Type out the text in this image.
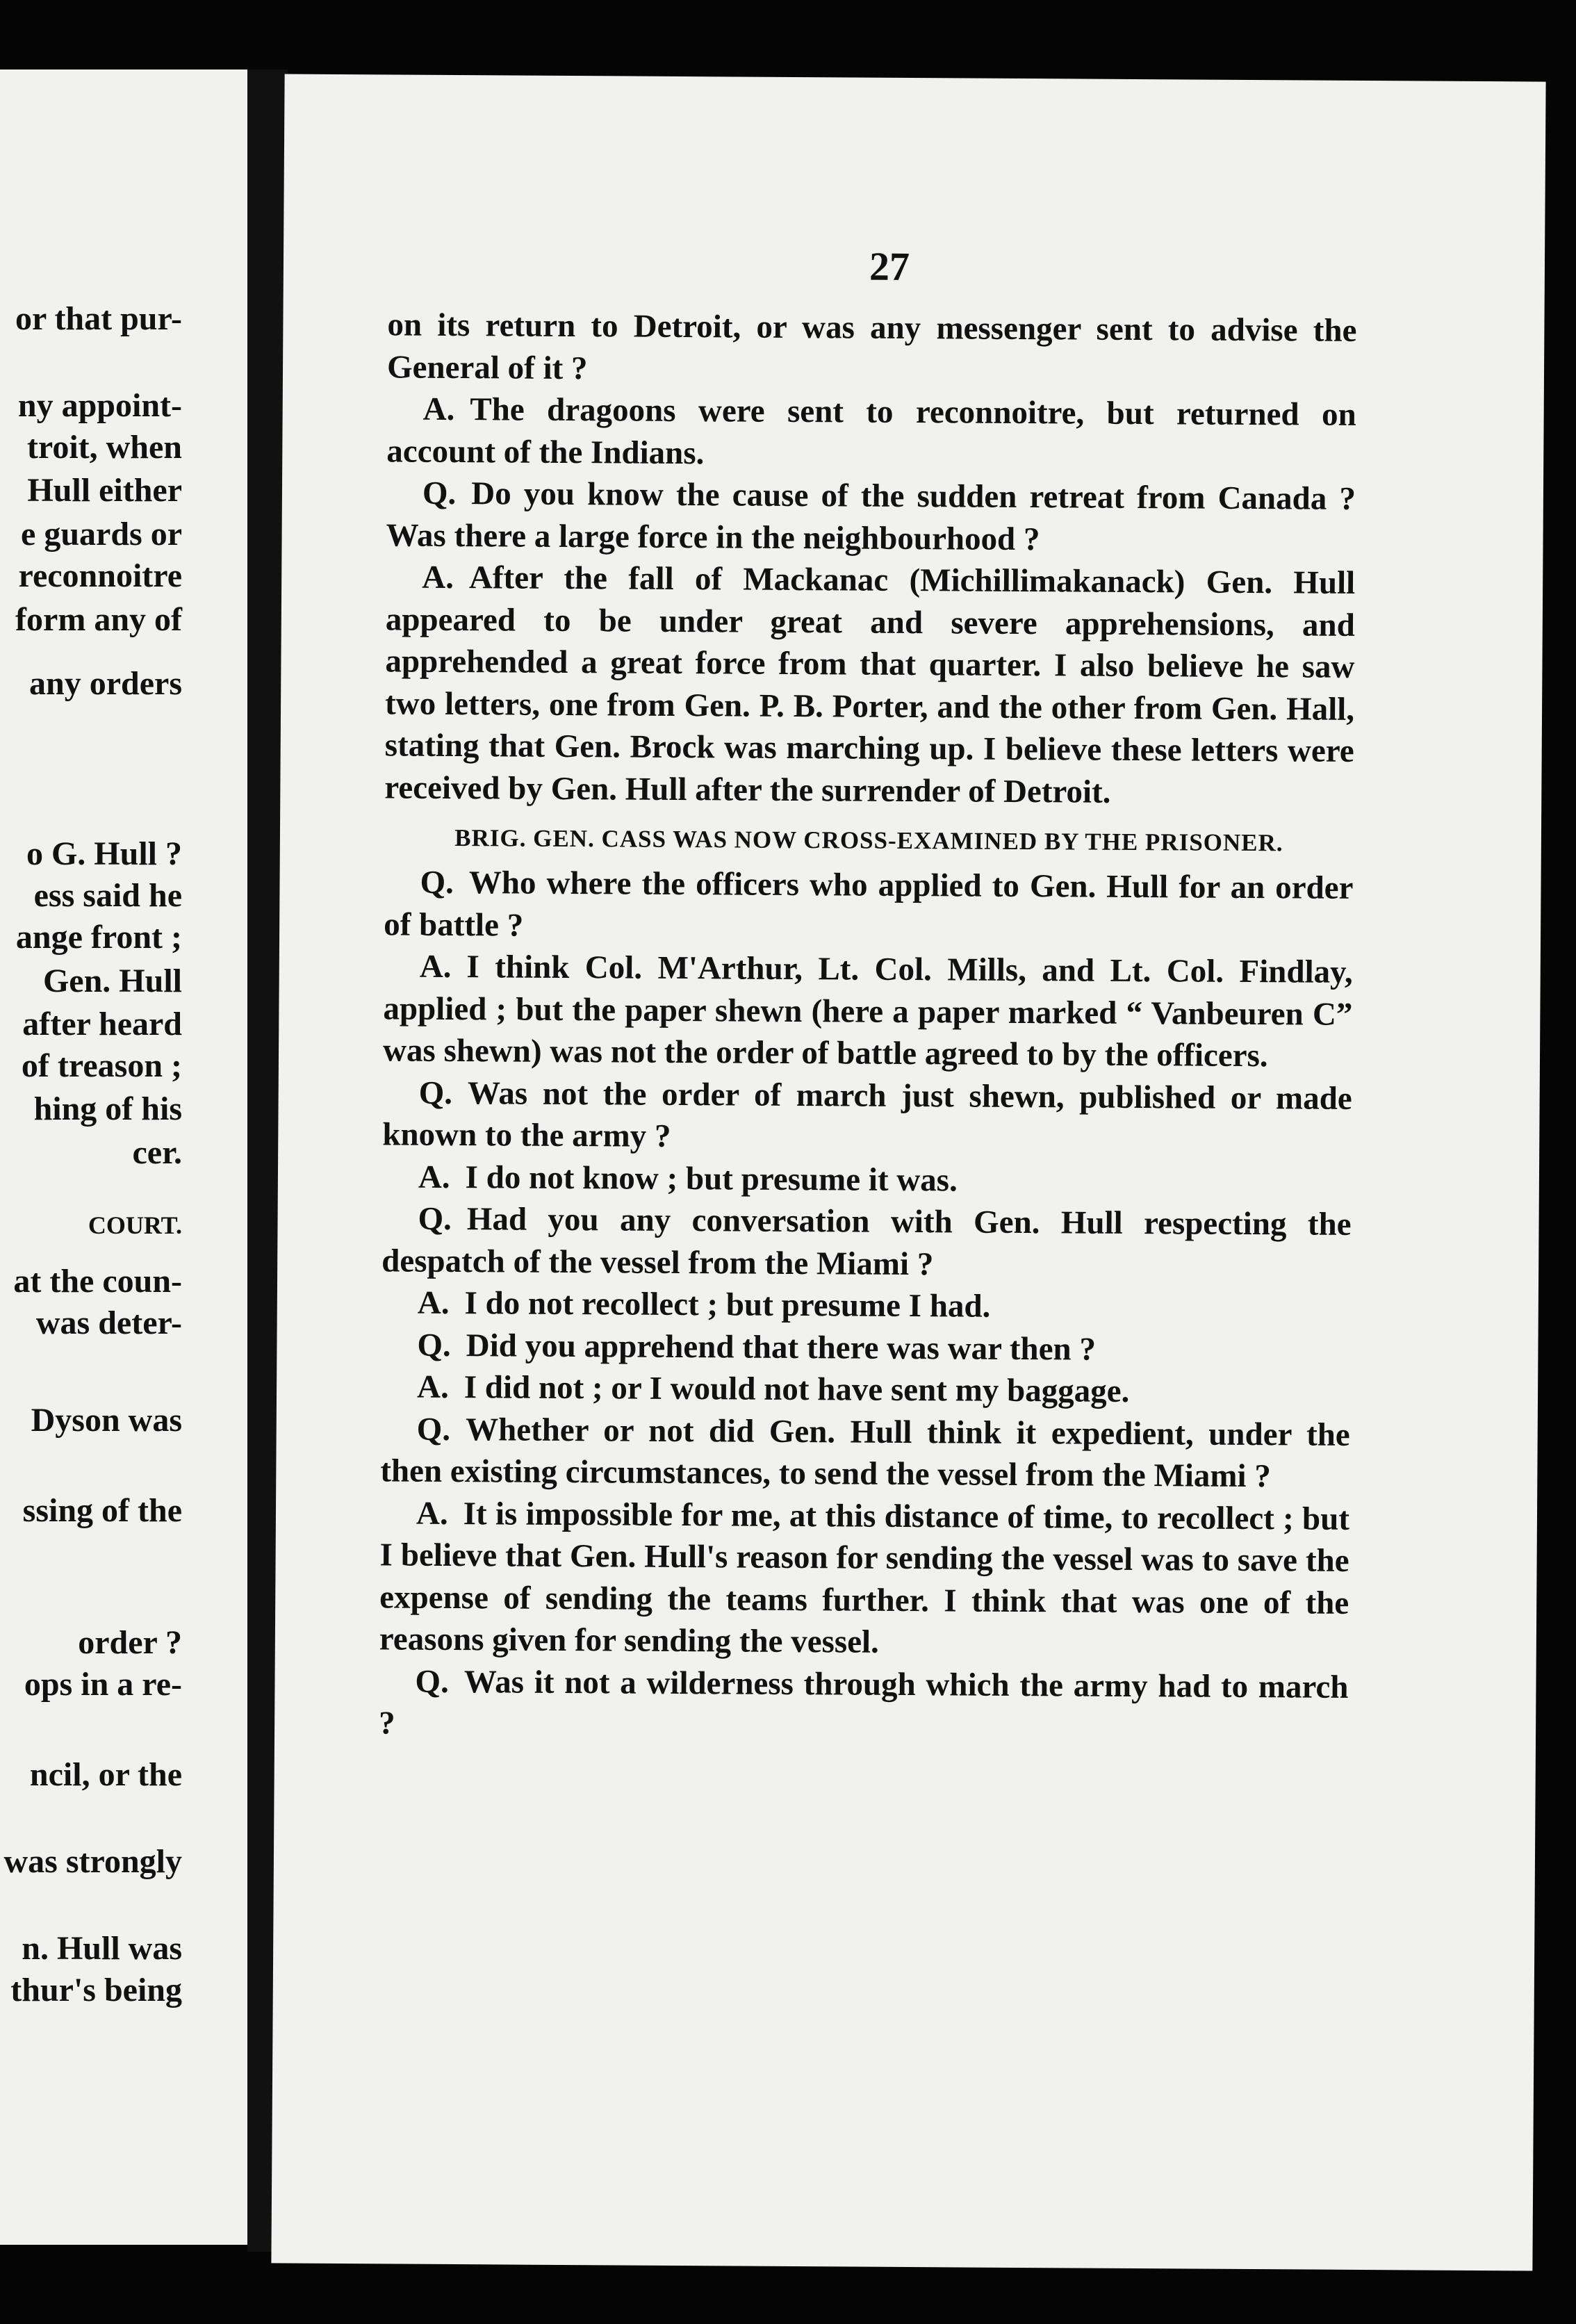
or that pur-
ny appoint-
troit, when
Hull either
e guards or
reconnoitre
form any of
any orders
o G. Hull ?
ess said he
ange front ;
Gen. Hull
after heard
of treason ;
hing of his
cer.
COURT.
at the coun-
was deter-
Dyson was
ssing of the
order ?
ops in a re-
ncil, or the
was strongly
n. Hull was
thur's being
27

on its return to Detroit, or was any messenger sent to advise the General of it ?

A. The dragoons were sent to reconnoitre, but returned on account of the Indians.

Q. Do you know the cause of the sudden retreat from Canada ? Was there a large force in the neighbourhood ?

A. After the fall of Mackanac (Michillimakanack) Gen. Hull appeared to be under great and severe apprehensions, and apprehended a great force from that quarter. I also believe he saw two letters, one from Gen. P. B. Porter, and the other from Gen. Hall, stating that Gen. Brock was marching up. I believe these letters were received by Gen. Hull after the surrender of Detroit.

BRIG. GEN. CASS WAS NOW CROSS-EXAMINED BY THE PRISONER.

Q. Who where the officers who applied to Gen. Hull for an order of battle ?

A. I think Col. M'Arthur, Lt. Col. Mills, and Lt. Col. Findlay, applied ; but the paper shewn (here a paper marked “ Vanbeuren C” was shewn) was not the order of battle agreed to by the officers.

Q. Was not the order of march just shewn, published or made known to the army ?

A. I do not know ; but presume it was.

Q. Had you any conversation with Gen. Hull respecting the despatch of the vessel from the Miami ?

A. I do not recollect ; but presume I had.

Q. Did you apprehend that there was war then ?

A. I did not ; or I would not have sent my baggage.

Q. Whether or not did Gen. Hull think it expedient, under the then existing circumstances, to send the vessel from the Miami ?

A. It is impossible for me, at this distance of time, to recollect ; but I believe that Gen. Hull's reason for sending the vessel was to save the expense of sending the teams further. I think that was one of the reasons given for sending the vessel.

Q. Was it not a wilderness through which the army had to march ?
